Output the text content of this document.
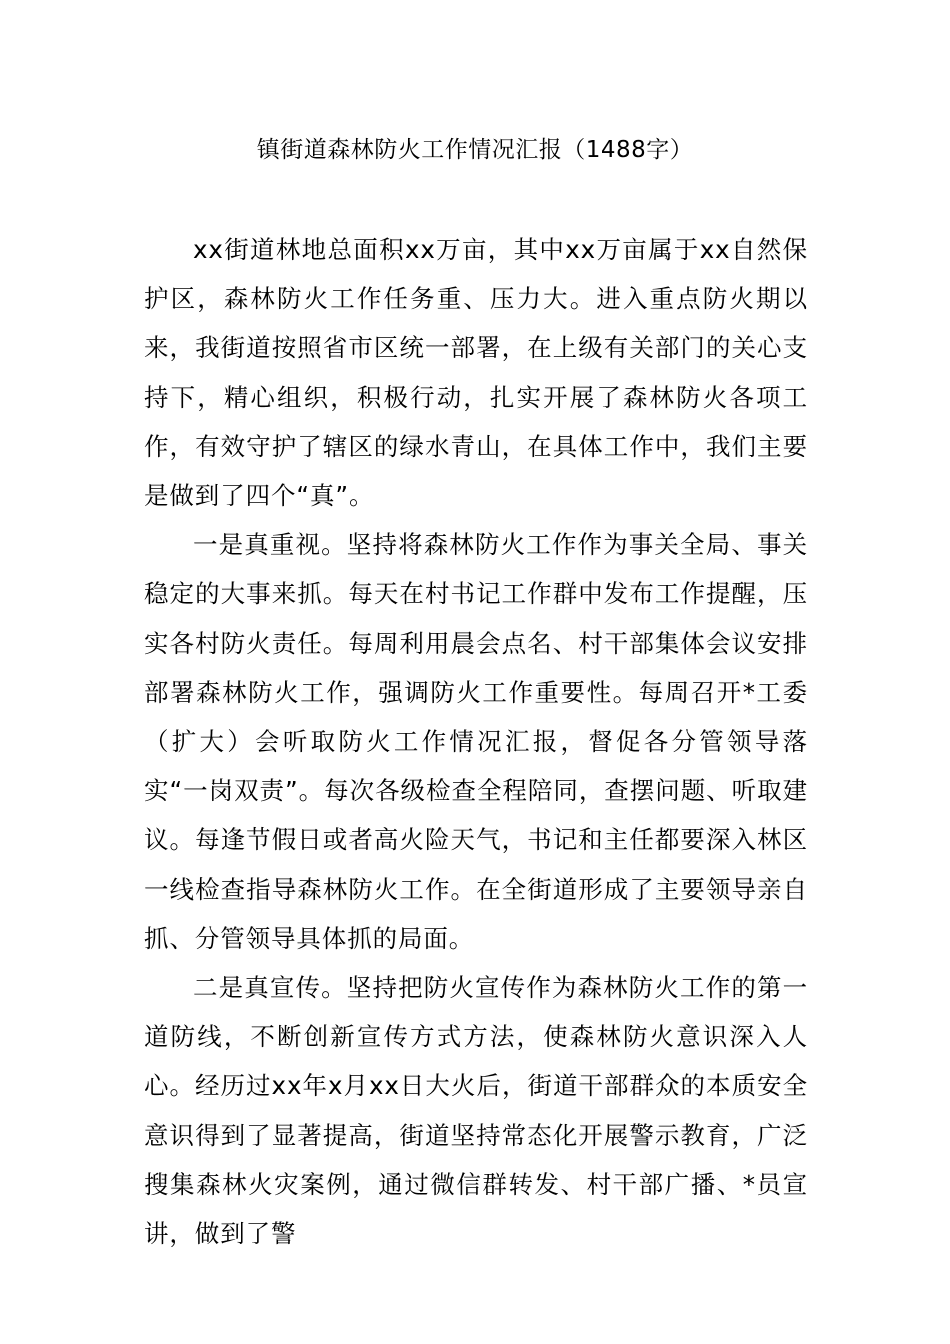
镇街道森林防火工作情况汇报（1488字）

xx街道林地总面积xx万亩，其中xx万亩属于xx自然保护区，森林防火工作任务重、压力大。进入重点防火期以来，我街道按照省市区统一部署，在上级有关部门的关心支持下，精心组织，积极行动，扎实开展了森林防火各项工作，有效守护了辖区的绿水青山，在具体工作中，我们主要是做到了四个“真”。

一是真重视。坚持将森林防火工作作为事关全局、事关稳定的大事来抓。每天在村书记工作群中发布工作提醒，压实各村防火责任。每周利用晨会点名、村干部集体会议安排部署森林防火工作，强调防火工作重要性。每周召开*工委（扩大）会听取防火工作情况汇报，督促各分管领导落实“一岗双责”。每次各级检查全程陪同，查摆问题、听取建议。每逢节假日或者高火险天气，书记和主任都要深入林区一线检查指导森林防火工作。在全街道形成了主要领导亲自抓、分管领导具体抓的局面。

二是真宣传。坚持把防火宣传作为森林防火工作的第一道防线，不断创新宣传方式方法，使森林防火意识深入人心。经历过xx年x月xx日大火后，街道干部群众的本质安全意识得到了显著提高，街道坚持常态化开展警示教育，广泛搜集森林火灾案例，通过微信群转发、村干部广播、*员宣讲，做到了警
